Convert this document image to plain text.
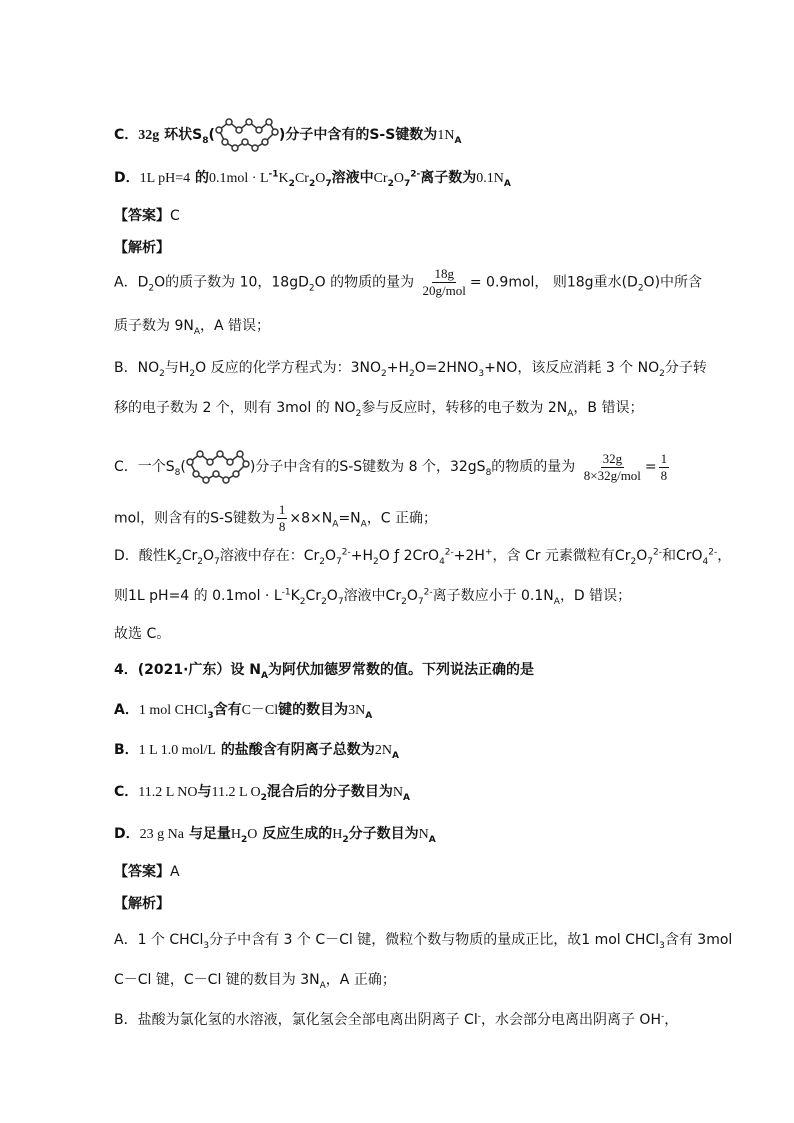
C．32g 环状$S_8$(	)分子中含有的S-S键数为$1N_A$
D．1L pH=4 的$0.1mol \cdot L^{-1}K_2Cr_2O_7$溶液中$Cr_2O_7^{2-}$离子数为$0.1N_A$
【答案】C
【解析】
A．$D_2O$的质子数为 10，$18gD_2O$ 的物质的量为 $\frac{18g}{\text{20g/mol}} = 0.9mol$， 则18g重水$(D_2O)$中所含
质子数为 $9N_A$，A 错误；
B．$NO_2$与$H_2O$ 反应的化学方程式为：$3NO_2+H_2O=2HNO_3+NO$，该反应消耗 3 个 $NO_2$分子转
移的电子数为 2 个，则有 3mol 的 $NO_2$参与反应时，转移的电子数为 $2N_A$，B 错误；
C．一个$S_8$(	)分子中含有的S-S键数为 8 个，$32gS_8$的物质的量为 $\frac{32g}{\text{8×32g/mol}} = \frac{1}{8}$
mol，则含有的S-S键数为 $\frac{1}{8} \times 8\times N_A=N_A$，C 正确；
D．酸性$K_2Cr_2O_7$溶液中存在：$Cr_2O_7^{2-}+H_2O$ ƒ 2CrO$_4^{2-}$+2H+，含 Cr 元素微粒有$Cr_2O_7^{2-}$和CrO$_4^{2-}$，
则1L pH=4 的 $0.1mol \cdot L^{-1}K_2Cr_2O_7$溶液中$Cr_2O_7^{2-}$离子数应小于 $0.1N_A$，D 错误；
故选 C。
4．(2021·广东）设 $N_A$为阿伏加德罗常数的值。下列说法正确的是
A．1 mol CHCl$_3$含有C－Cl键的数目为$3N_A$
B．1 L 1.0 mol/L 的盐酸含有阴离子总数为$2N_A$
C．11.2 L NO与11.2 L $O_2$混合后的分子数目为$N_A$
D．23 g Na 与足量$H_2O$ 反应生成的$H_2$分子数目为$N_A$
【答案】A
【解析】
A．1 个 CHCl$_3$分子中含有 3 个 C－Cl 键，微粒个数与物质的量成正比，故1 mol CHCl$_3$含有 3mol
C－Cl 键，C－Cl 键的数目为 $3N_A$，A 正确；
B．盐酸为氯化氢的水溶液，氯化氢会全部电离出阴离子 Cl-，水会部分电离出阴离子 OH-，
